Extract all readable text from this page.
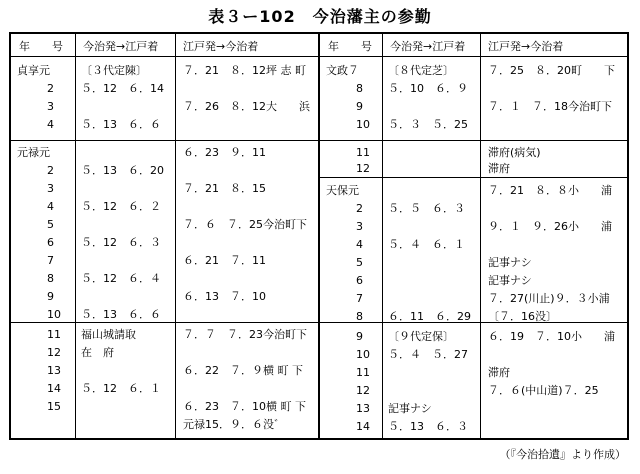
表３ー102　今治藩主の参勤
年　　号 今治発→江戸着 江戸発→今治着
貞享元	〔３代定陳〕	７．21　８．12坪 志 町
2 ５．12　６．14
3	７．26　８．12大　　浜
4 ５．13　６．６
元禄元	６．23　９．11
2 ５．13　６．20
3	７．21　８．15
4 ５．12　６．２
5	７．６　７．25今治町下
6 ５．12　６．３
7	６．21　７．11
8 ５．12　６．４
9	６．13　７．10
10 ５．13　６．６
11 福山城請取	７．７　７．23今治町下
12 在　府
13	６．22　７．９横 町 下
14 ５．12　６．１
15	６．23　７．10横 町 下
元禄15．９．６没゛
年　　号 今治発→江戸着 江戸発→今治着
文政７	〔８代定芝〕	７．25　８．20町　　下
8 ５．10　６．９
9	７．１　７．18今治町下
10 ５．３　５．25
11	滞府(病気)
12	滞府
天保元	７．21　８．８小　　浦
2 ５．５　６．３
3	９．１　９．26小　　浦
4 ５．４　６．１
5	記事ナシ
6	記事ナシ
7	７．27(川止)９．３小浦
8 ６．11　６．29 〔７．16没〕
9 〔９代定保〕	６．19　７．10小　　浦
10 ５．４　５．27
11	滞府
12	７．６(中山道)７．25
13 記事ナシ
14 ５．13　６．３
（『今治拾遺』より作成）
